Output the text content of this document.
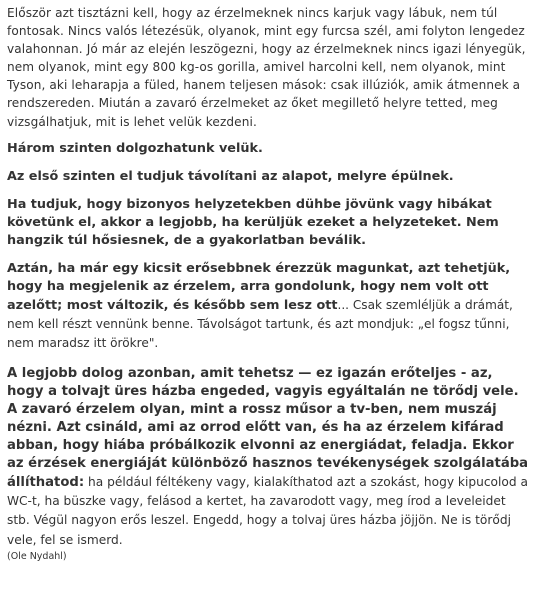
Először azt tisztázni kell, hogy az érzelmeknek nincs karjuk vagy lábuk, nem túl fontosak. Nincs valós létezésük, olyanok, mint egy furcsa szél, ami folyton lengedez valahonnan. Jó már az elején leszögezni, hogy az érzelmeknek nincs igazi lényegük, nem olyanok, mint egy 800 kg-os gorilla, amivel harcolni kell, nem olyanok, mint Tyson, aki leharapja a füled, hanem teljesen mások: csak illúziók, amik átmennek a rendszereden. Miután a zavaró érzelmeket az őket megillető helyre tetted, meg vizsgálhatjuk, mit is lehet velük kezdeni.

Három szinten dolgozhatunk velük.

Az első szinten el tudjuk távolítani az alapot, melyre épülnek.

Ha tudjuk, hogy bizonyos helyzetekben dühbe jövünk vagy hibákat követünk el, akkor a legjobb, ha kerüljük ezeket a helyzeteket. Nem hangzik túl hősiesnek, de a gyakorlatban beválik.

Aztán, ha már egy kicsit erősebbnek érezzük magunkat, azt tehetjük, hogy ha megjelenik az érzelem, arra gondolunk, hogy nem volt ott azelőtt; most változik, és később sem lesz ott... Csak szemléljük a drámát, nem kell részt vennünk benne. Távolságot tartunk, és azt mondjuk: „el fogsz tűnni, nem maradsz itt örökre".

A legjobb dolog azonban, amit tehetsz — ez igazán erőteljes - az, hogy a tolvajt üres házba engeded, vagyis egyáltalán ne törődj vele. A zavaró érzelem olyan, mint a rossz műsor a tv-ben, nem muszáj nézni. Azt csináld, ami az orrod előtt van, és ha az érzelem kifárad abban, hogy hiába próbálkozik elvonni az energiádat, feladja. Ekkor az érzések energiáját különböző hasznos tevékenységek szolgálatába állíthatod: ha például féltékeny vagy, kialakíthatod azt a szokást, hogy kipucolod a WC-t, ha büszke vagy, felásod a kertet, ha zavarodott vagy, meg írod a leveleidet stb. Végül nagyon erős leszel. Engedd, hogy a tolvaj üres házba jöjjön. Ne is törődj vele, fel se ismerd.

(Ole Nydahl)
